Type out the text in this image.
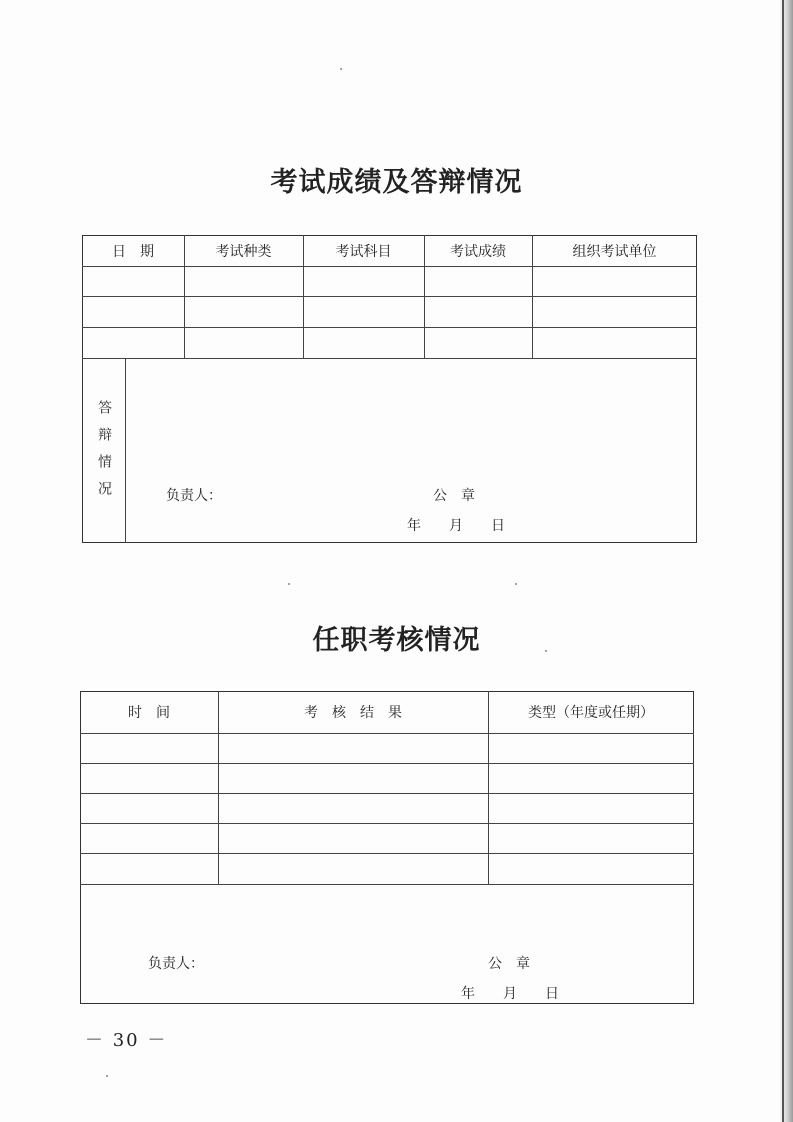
考试成绩及答辩情况
日　期	考试种类	考试科目	考试成绩	组织考试单位
答辩情况	负责人：	公　章
年　　月　　日
任职考核情况
时　间	考　核　结　果	类型（年度或任期）
负责人：	公　章
年　　月　　日
－ 30 －
